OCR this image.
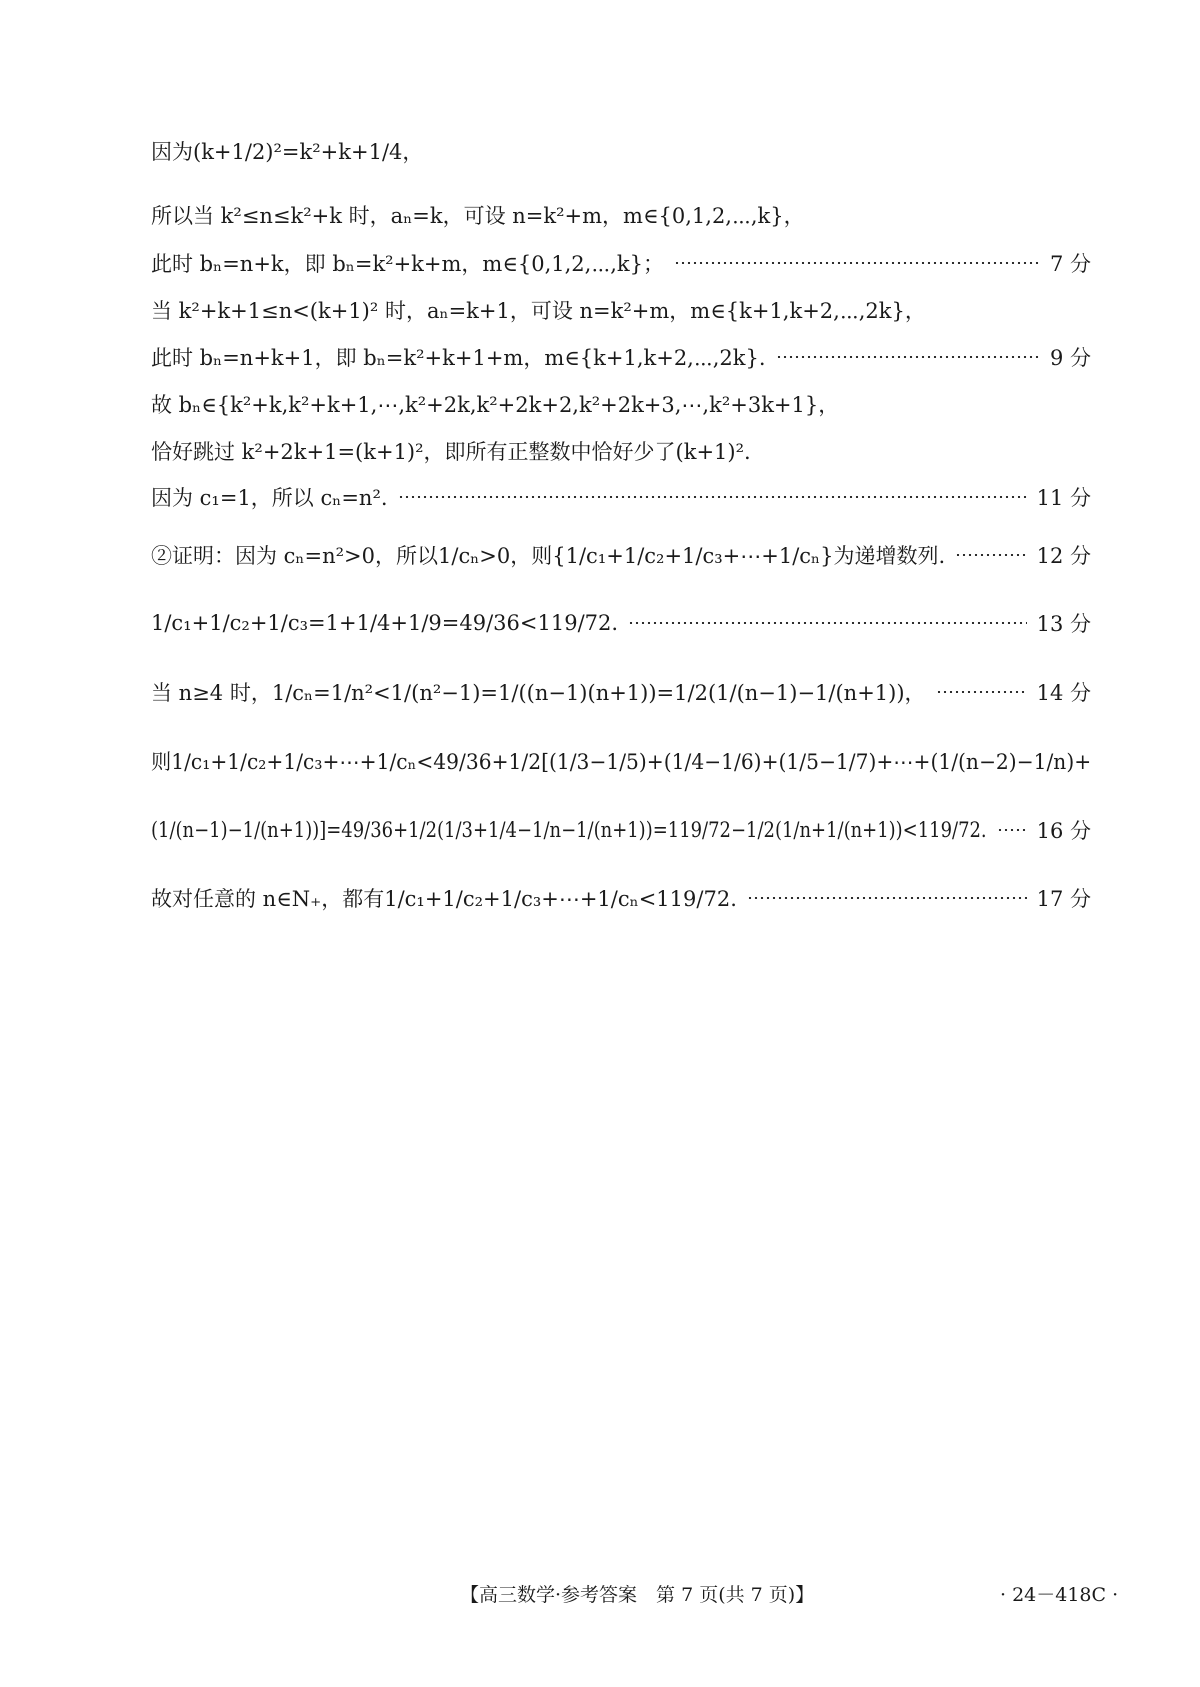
因为(k+1/2)²=k²+k+1/4，
所以当 k²≤n≤k²+k 时，aₙ=k，可设 n=k²+m，m∈{0,1,2,⋯,k}，
此时 bₙ=n+k，即 bₙ=k²+k+m，m∈{0,1,2,⋯,k}；	7 分
当 k²+k+1≤n<(k+1)² 时，aₙ=k+1，可设 n=k²+m，m∈{k+1,k+2,⋯,2k}，
此时 bₙ=n+k+1，即 bₙ=k²+k+1+m，m∈{k+1,k+2,⋯,2k}.	9 分
故 bₙ∈{k²+k,k²+k+1,⋯,k²+2k,k²+2k+2,k²+2k+3,⋯,k²+3k+1}，
恰好跳过 k²+2k+1=(k+1)²，即所有正整数中恰好少了(k+1)².
因为 c₁=1，所以 cₙ=n².	11 分
②证明：因为 cₙ=n²>0，所以1/cₙ>0，则{1/c₁+1/c₂+1/c₃+⋯+1/cₙ}为递增数列.	12 分
1/c₁+1/c₂+1/c₃=1+1/4+1/9=49/36<119/72.	13 分
当 n≥4 时，1/cₙ=1/n²<1/(n²−1)=1/((n−1)(n+1))=1/2(1/(n−1)−1/(n+1))，	14 分
则1/c₁+1/c₂+1/c₃+⋯+1/cₙ<49/36+1/2[(1/3−1/5)+(1/4−1/6)+(1/5−1/7)+⋯+(1/(n−2)−1/n)+
(1/(n−1)−1/(n+1))]=49/36+1/2(1/3+1/4−1/n−1/(n+1))=119/72−1/2(1/n+1/(n+1))<119/72. 16 分
故对任意的 n∈N₊，都有1/c₁+1/c₂+1/c₃+⋯+1/cₙ<119/72.	17 分
【高三数学·参考答案　第 7 页(共 7 页)】	· 24－418C ·
